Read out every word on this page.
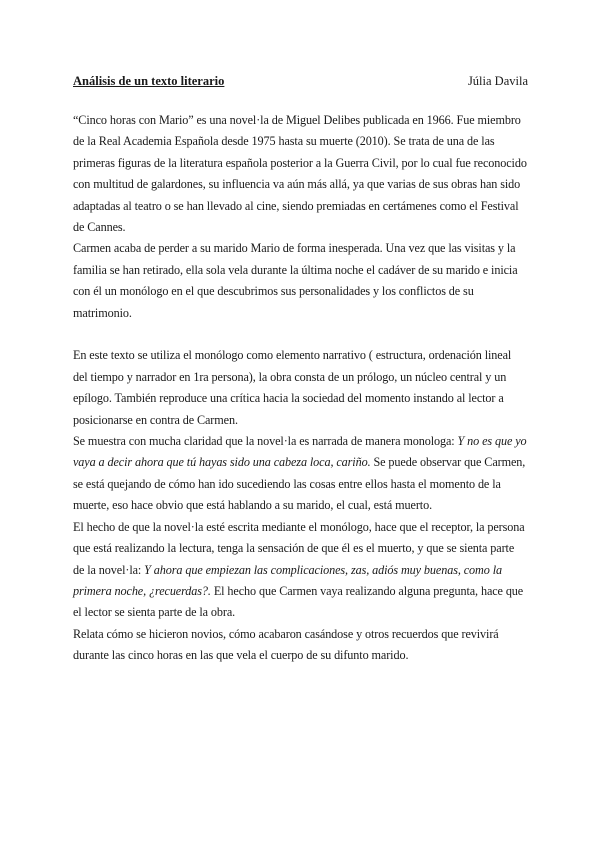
Análisis de un texto literario	Júlia Davila

“Cinco horas con Mario” es una novel·la de Miguel Delibes publicada en 1966. Fue miembro de la Real Academia Española desde 1975 hasta su muerte (2010). Se trata de una de las primeras figuras de la literatura española posterior a la Guerra Civil, por lo cual fue reconocido con multitud de galardones, su influencia va aún más allá, ya que varias de sus obras han sido adaptadas al teatro o se han llevado al cine, siendo premiadas en certámenes como el Festival de Cannes.

Carmen acaba de perder a su marido Mario de forma inesperada. Una vez que las visitas y la familia se han retirado, ella sola vela durante la última noche el cadáver de su marido e inicia con él un monólogo en el que descubrimos sus personalidades y los conflictos de su matrimonio.

En este texto se utiliza el monólogo como elemento narrativo ( estructura, ordenación lineal del tiempo y narrador en 1ra persona), la obra consta de un prólogo, un núcleo central y un epílogo. También reproduce una crítica hacia la sociedad del momento instando al lector a posicionarse en contra de Carmen.

Se muestra con mucha claridad que la novel·la es narrada de manera monologa: Y no es que yo vaya a decir ahora que tú hayas sido una cabeza loca, cariño. Se puede observar que Carmen, se está quejando de cómo han ido sucediendo las cosas entre ellos hasta el momento de la muerte, eso hace obvio que está hablando a su marido, el cual, está muerto.

El hecho de que la novel·la esté escrita mediante el monólogo, hace que el receptor, la persona que está realizando la lectura, tenga la sensación de que él es el muerto, y que se sienta parte de la novel·la: Y ahora que empiezan las complicaciones, zas, adiós muy buenas, como la primera noche, ¿recuerdas?. El hecho que Carmen vaya realizando alguna pregunta, hace que el lector se sienta parte de la obra.

Relata cómo se hicieron novios, cómo acabaron casándose y otros recuerdos que revivirá durante las cinco horas en las que vela el cuerpo de su difunto marido.
